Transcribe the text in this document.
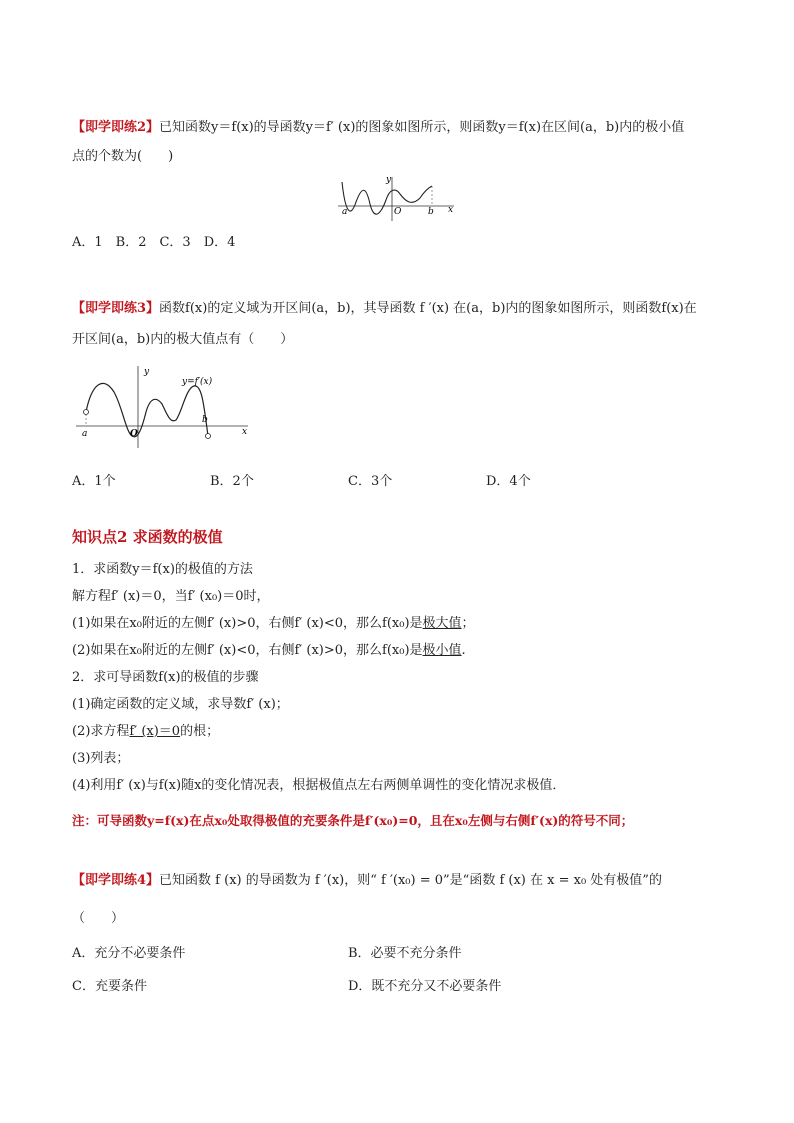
【即学即练2】已知函数y＝f(x)的导函数y＝f′ (x)的图象如图所示，则函数y＝f(x)在区间(a，b)内的极小值
点的个数为(　　)
a
y
O	b x
A．1　B．2　C．3　D．4
【即学即练3】函数f(x)的定义域为开区间(a，b)，其导函数 f ′(x) 在(a，b)内的图象如图所示，则函数f(x)在
开区间(a，b)内的极大值点有（　　）
y
y=f′(x)
a	O
b
x
A．1个	B．2个	C．3个	D．4个
知识点2 求函数的极值
1．求函数y＝f(x)的极值的方法
解方程f′ (x)＝0，当f′ (x₀)＝0时，
(1)如果在x₀附近的左侧f′ (x)>0，右侧f′ (x)<0，那么f(x₀)是极大值；
(2)如果在x₀附近的左侧f′ (x)<0，右侧f′ (x)>0，那么f(x₀)是极小值.
2．求可导函数f(x)的极值的步骤
(1)确定函数的定义域，求导数f′ (x)；
(2)求方程f′ (x)＝0的根；
(3)列表；
(4)利用f′ (x)与f(x)随x的变化情况表，根据极值点左右两侧单调性的变化情况求极值．
注：可导函数y=f(x)在点x₀处取得极值的充要条件是f′(x₀)=0，且在x₀左侧与右侧f′(x)的符号不同；
【即学即练4】已知函数 f (x) 的导函数为 f ′(x)，则“ f ′(x₀) = 0”是“函数 f (x) 在 x = x₀ 处有极值”的
（　　）
A．充分不必要条件	B．必要不充分条件
C．充要条件	D．既不充分又不必要条件
